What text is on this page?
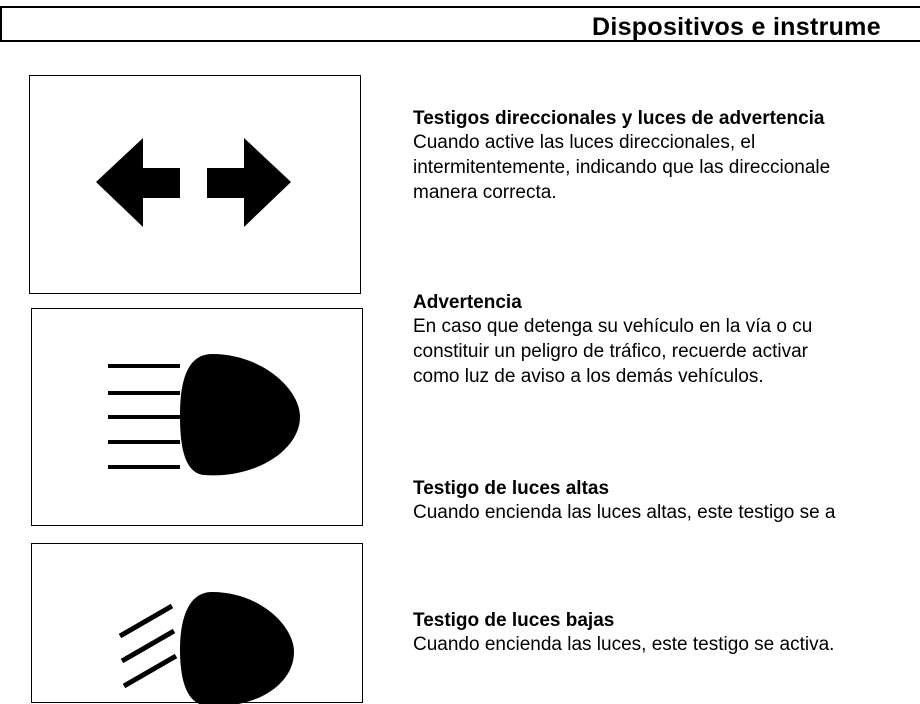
Dispositivos e instrume
Testigos direccionales y luces de advertencia
Cuando active las luces direccionales, el
intermitentemente, indicando que las direccionale
manera correcta.
Advertencia
En caso que detenga su vehículo en la vía o cu
constituir un peligro de tráfico, recuerde activar
como luz de aviso a los demás vehículos.
Testigo de luces altas
Cuando encienda las luces altas, este testigo se a
Testigo de luces bajas
Cuando encienda las luces, este testigo se activa.
